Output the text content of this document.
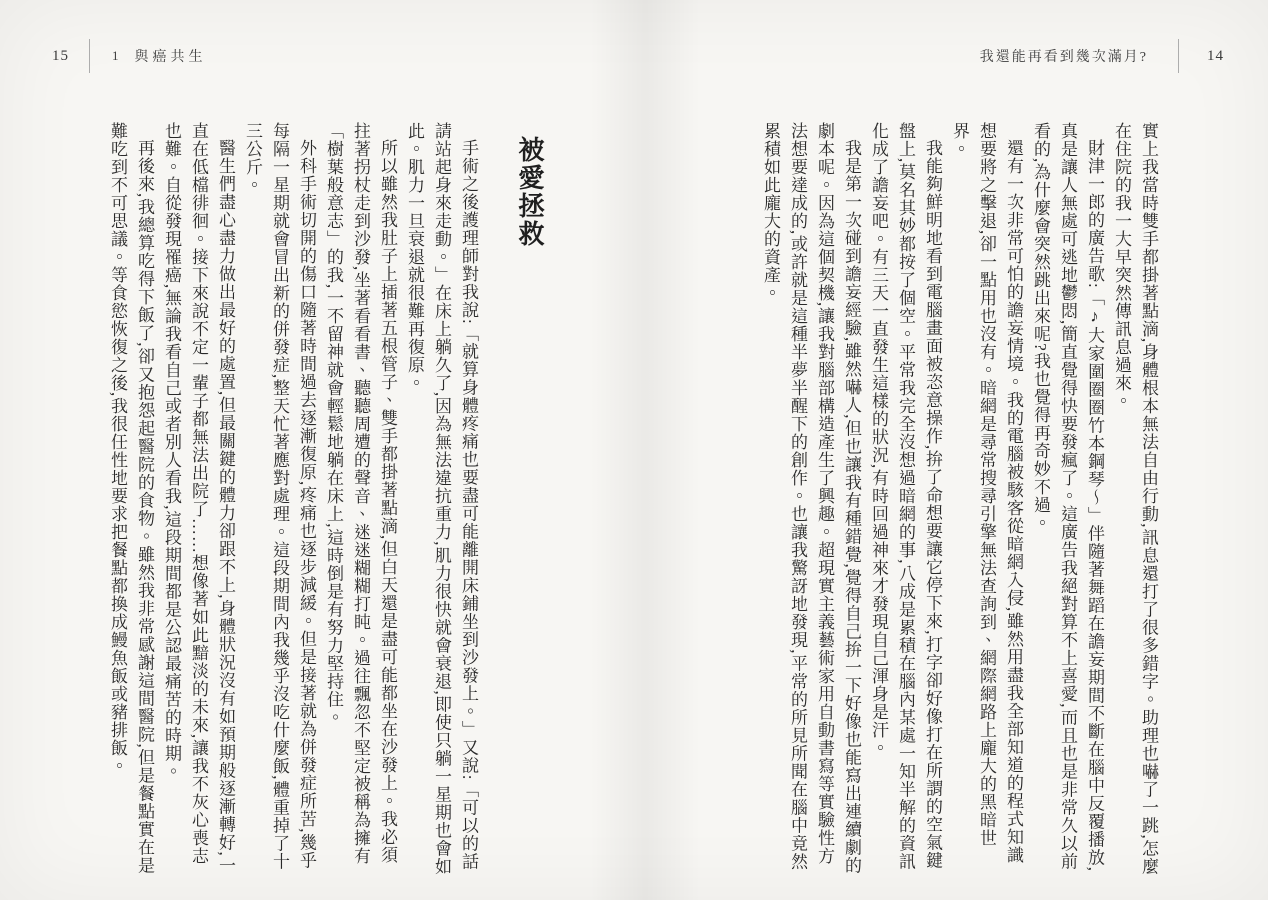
15	1 與癌共生	我還能再看到幾次滿月?	14

實上我當時雙手都掛著點滴,身體根本無法自由行動,訊息還打了很多錯字。助理也嚇了一跳,怎麼在住院的我一大早突然傳訊息過來。

財津一郎的廣告歌:「♪大家圍圈圈竹本鋼琴〜」伴隨著舞蹈在譫妄期間不斷在腦中反覆播放,真是讓人無處可逃地鬱悶,簡直覺得快要發瘋了。這廣告我絕對算不上喜愛,而且也是非常久以前看的,為什麼會突然跳出來呢?我也覺得再奇妙不過。

還有一次非常可怕的譫妄情境。我的電腦被駭客從暗網入侵,雖然用盡我全部知道的程式知識想要將之擊退,卻一點用也沒有。暗網是尋常搜尋引擎無法查詢到、網際網路上龐大的黑暗世界。

我能夠鮮明地看到電腦畫面被恣意操作,拚了命想要讓它停下來,打字卻好像打在所謂的空氣鍵盤上,莫名其妙都按了個空。平常我完全沒想過暗網的事,八成是累積在腦內某處一知半解的資訊化成了譫妄吧。有三天一直發生這樣的狀況,有時回過神來才發現自己渾身是汗。

我是第一次碰到譫妄經驗,雖然嚇人,但也讓我有種錯覺,覺得自己拚一下好像也能寫出連續劇的劇本呢。因為這個契機,讓我對腦部構造產生了興趣。超現實主義藝術家用自動書寫等實驗性方法想要達成的,或許就是這種半夢半醒下的創作。也讓我驚訝地發現,平常的所見所聞在腦中竟然累積如此龐大的資產。

被愛拯救

手術之後護理師對我說:「就算身體疼痛也要盡可能離開床鋪坐到沙發上。」又說:「可以的話請站起身來走動。」在床上躺久了,因為無法違抗重力,肌力很快就會衰退,即使只躺一星期也會如此。肌力一旦衰退就很難再復原。

所以雖然我肚子上插著五根管子、雙手都掛著點滴,但白天還是盡可能都坐在沙發上。我必須拄著拐杖走到沙發,坐著看看書、聽聽周遭的聲音、迷迷糊糊打盹。過往飄忽不堅定被稱為擁有「樹葉般意志」的我,一不留神就會輕鬆地躺在床上,這時倒是有努力堅持住。

外科手術切開的傷口隨著時間過去逐漸復原,疼痛也逐步減緩。但是接著就為併發症所苦,幾乎每隔一星期就會冒出新的併發症,整天忙著應對處理。這段期間內我幾乎沒吃什麼飯,體重掉了十三公斤。

醫生們盡心盡力做出最好的處置,但最關鍵的體力卻跟不上,身體狀況沒有如預期般逐漸轉好,一直在低檔徘徊。接下來說不定一輩子都無法出院了……想像著如此黯淡的未來,讓我不灰心喪志也難。自從發現罹癌,無論我看自己或者別人看我,這段期間都是公認最痛苦的時期。

再後來,我總算吃得下飯了,卻又抱怨起醫院的食物。雖然我非常感謝這間醫院,但是餐點實在是難吃到不可思議。等食慾恢復之後,我很任性地要求把餐點都換成鰻魚飯或豬排飯。
